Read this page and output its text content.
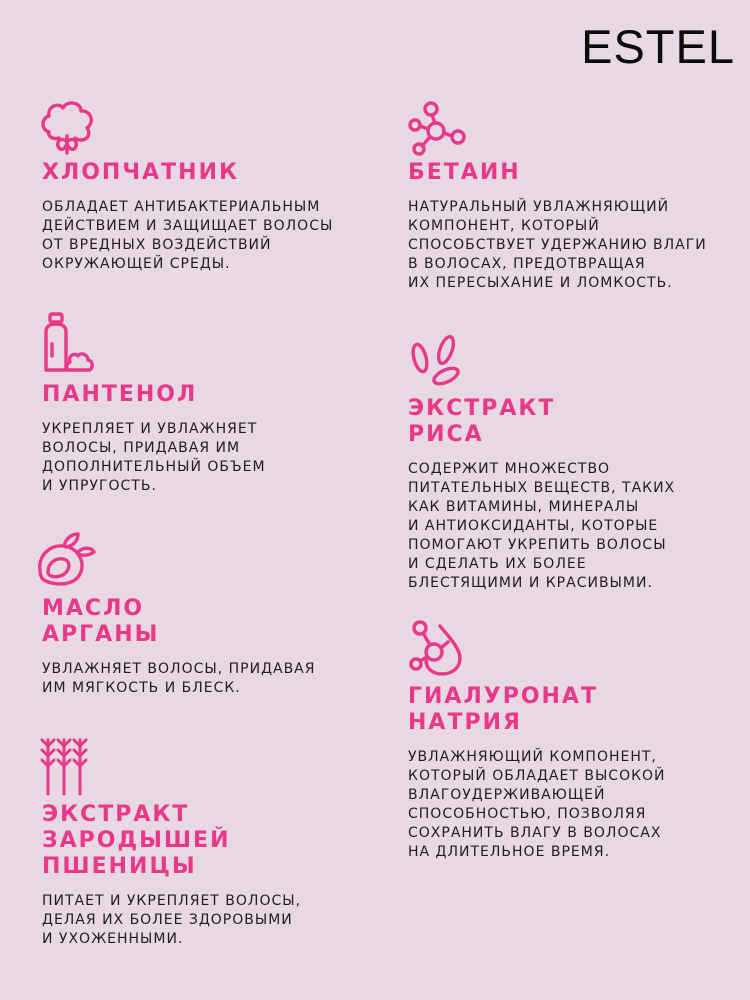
ESTEL
ХЛОПЧАТНИК
ОБЛАДАЕТ АНТИБАКТЕРИАЛЬНЫМ
ДЕЙСТВИЕМ И ЗАЩИЩАЕТ ВОЛОСЫ
ОТ ВРЕДНЫХ ВОЗДЕЙСТВИЙ
ОКРУЖАЮЩЕЙ СРЕДЫ.
БЕТАИН
НАТУРАЛЬНЫЙ УВЛАЖНЯЮЩИЙ
КОМПОНЕНТ, КОТОРЫЙ
СПОСОБСТВУЕТ УДЕРЖАНИЮ ВЛАГИ
В ВОЛОСАХ, ПРЕДОТВРАЩАЯ
ИХ ПЕРЕСЫХАНИЕ И ЛОМКОСТЬ.
ПАНТЕНОЛ
УКРЕПЛЯЕТ И УВЛАЖНЯЕТ
ВОЛОСЫ, ПРИДАВАЯ ИМ
ДОПОЛНИТЕЛЬНЫЙ ОБЪЕМ
И УПРУГОСТЬ.
ЭКСТРАКТ
РИСА
СОДЕРЖИТ МНОЖЕСТВО
ПИТАТЕЛЬНЫХ ВЕЩЕСТВ, ТАКИХ
КАК ВИТАМИНЫ, МИНЕРАЛЫ
И АНТИОКСИДАНТЫ, КОТОРЫЕ
ПОМОГАЮТ УКРЕПИТЬ ВОЛОСЫ
И СДЕЛАТЬ ИХ БОЛЕЕ
БЛЕСТЯЩИМИ И КРАСИВЫМИ.
МАСЛО
АРГАНЫ
УВЛАЖНЯЕТ ВОЛОСЫ, ПРИДАВАЯ
ИМ МЯГКОСТЬ И БЛЕСК.	ГИАЛУРОНАТ
НАТРИЯ
УВЛАЖНЯЮЩИЙ КОМПОНЕНТ,
КОТОРЫЙ ОБЛАДАЕТ ВЫСОКОЙ
ВЛАГОУДЕРЖИВАЮЩЕЙ
СПОСОБНОСТЬЮ, ПОЗВОЛЯЯ
СОХРАНИТЬ ВЛАГУ В ВОЛОСАХ
НА ДЛИТЕЛЬНОЕ ВРЕМЯ.
ЭКСТРАКТ
ЗАРОДЫШЕЙ
ПШЕНИЦЫ
ПИТАЕТ И УКРЕПЛЯЕТ ВОЛОСЫ,
ДЕЛАЯ ИХ БОЛЕЕ ЗДОРОВЫМИ
И УХОЖЕННЫМИ.
